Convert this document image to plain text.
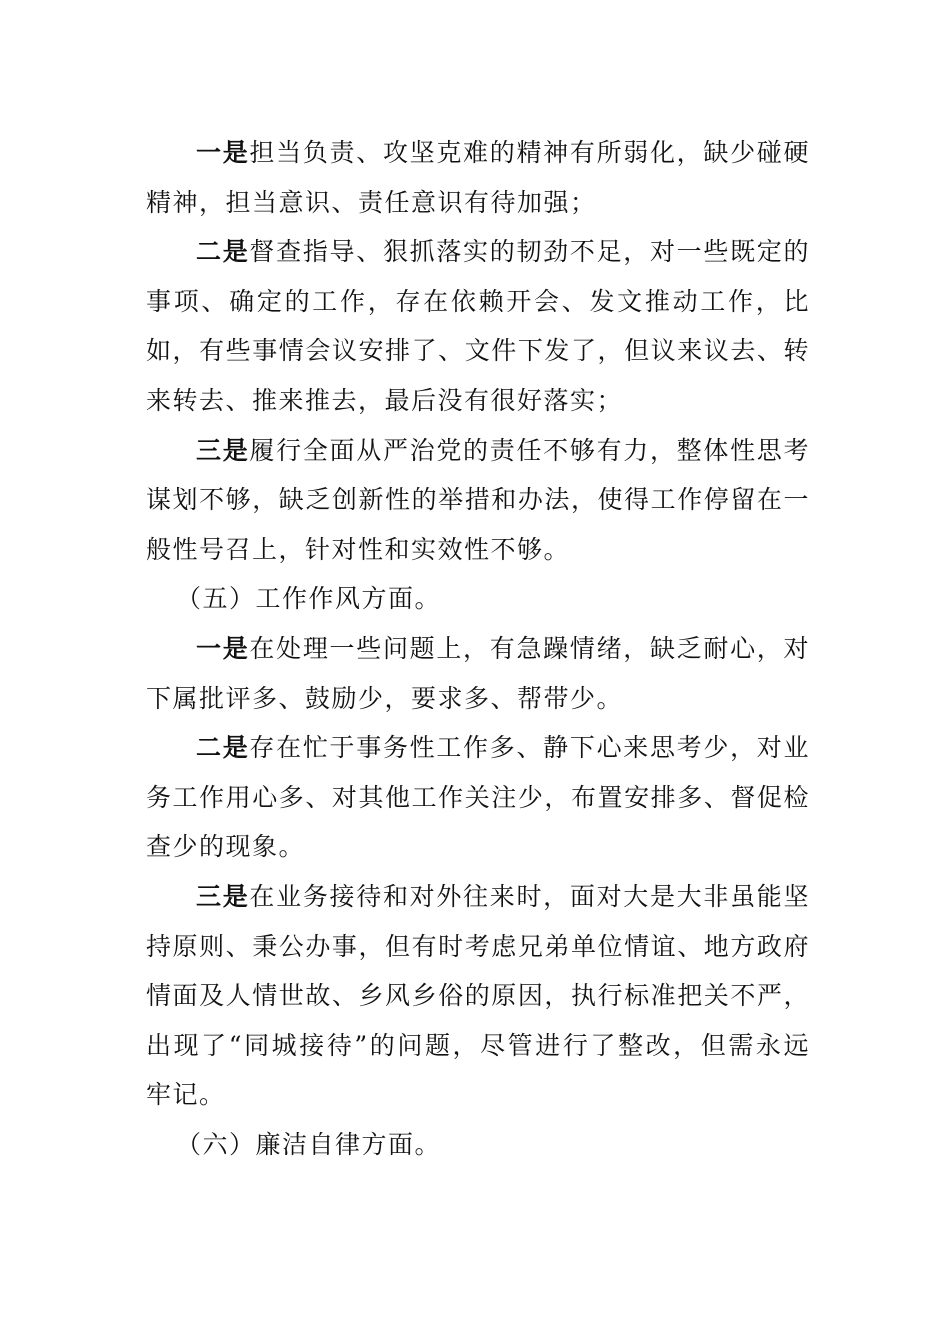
一是担当负责、攻坚克难的精神有所弱化，缺少碰硬精神，担当意识、责任意识有待加强；

二是督查指导、狠抓落实的韧劲不足，对一些既定的事项、确定的工作，存在依赖开会、发文推动工作，比如，有些事情会议安排了、文件下发了，但议来议去、转来转去、推来推去，最后没有很好落实；

三是履行全面从严治党的责任不够有力，整体性思考谋划不够，缺乏创新性的举措和办法，使得工作停留在一般性号召上，针对性和实效性不够。

（五）工作作风方面。

一是在处理一些问题上，有急躁情绪，缺乏耐心，对下属批评多、鼓励少，要求多、帮带少。

二是存在忙于事务性工作多、静下心来思考少，对业务工作用心多、对其他工作关注少，布置安排多、督促检查少的现象。

三是在业务接待和对外往来时，面对大是大非虽能坚持原则、秉公办事，但有时考虑兄弟单位情谊、地方政府情面及人情世故、乡风乡俗的原因，执行标准把关不严，出现了“同城接待”的问题，尽管进行了整改，但需永远牢记。

（六）廉洁自律方面。
